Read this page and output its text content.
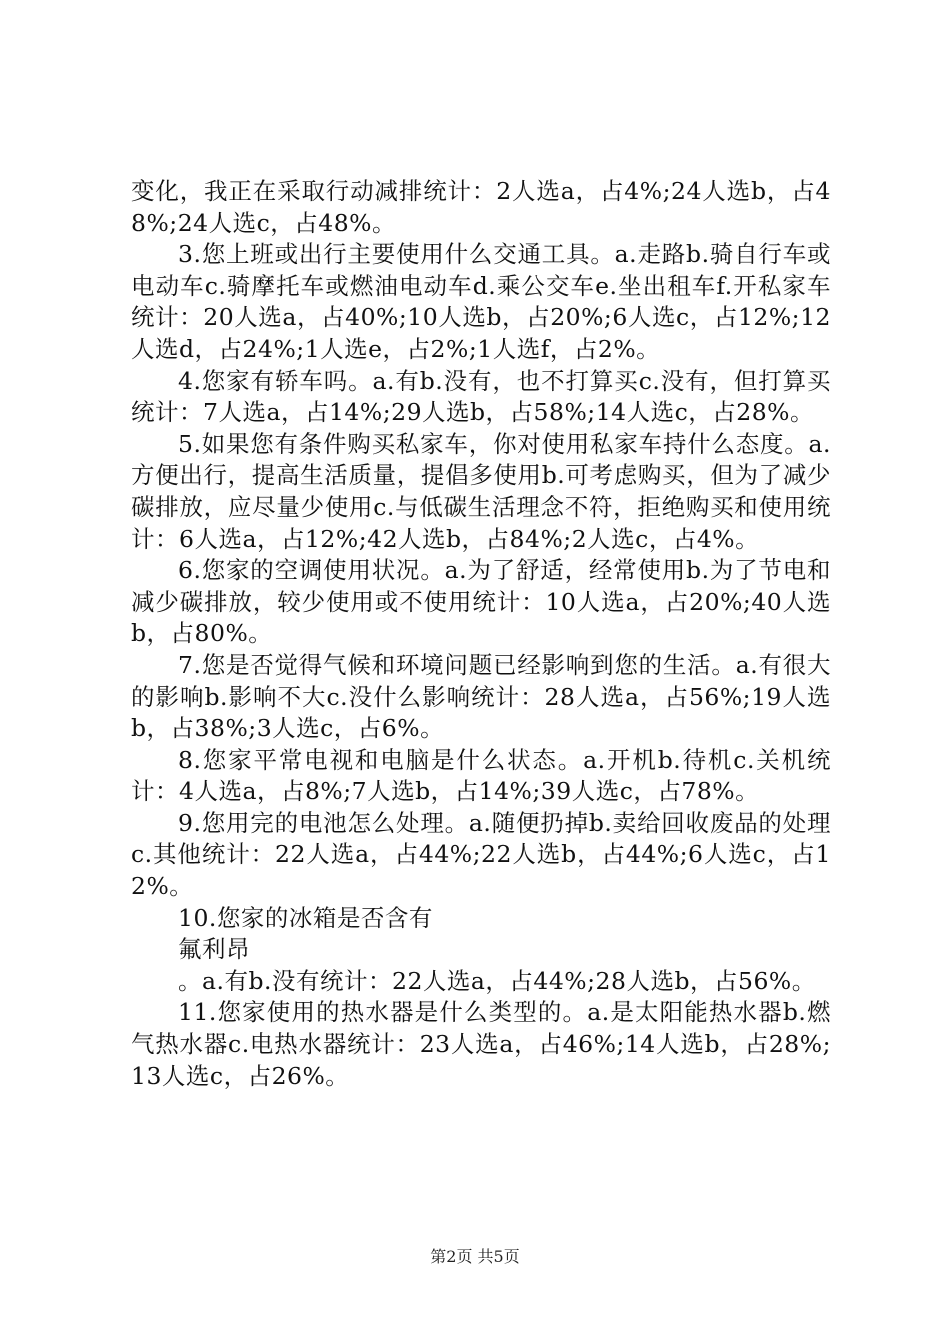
变化，我正在采取行动减排统计：2人选a，占4%;24人选b，占48%;24人选c，占48%。

3.您上班或出行主要使用什么交通工具。a.走路b.骑自行车或电动车c.骑摩托车或燃油电动车d.乘公交车e.坐出租车f.开私家车统计：20人选a，占40%;10人选b，占20%;6人选c，占12%;12人选d，占24%;1人选e，占2%;1人选f，占2%。

4.您家有轿车吗。a.有b.没有，也不打算买c.没有，但打算买统计：7人选a，占14%;29人选b，占58%;14人选c，占28%。

5.如果您有条件购买私家车，你对使用私家车持什么态度。a.方便出行，提高生活质量，提倡多使用b.可考虑购买，但为了减少碳排放，应尽量少使用c.与低碳生活理念不符，拒绝购买和使用统计：6人选a，占12%;42人选b，占84%;2人选c，占4%。

6.您家的空调使用状况。a.为了舒适，经常使用b.为了节电和减少碳排放，较少使用或不使用统计：10人选a，占20%;40人选b，占80%。

7.您是否觉得气候和环境问题已经影响到您的生活。a.有很大的影响b.影响不大c.没什么影响统计：28人选a，占56%;19人选b，占38%;3人选c，占6%。

8.您家平常电视和电脑是什么状态。a.开机b.待机c.关机统计：4人选a，占8%;7人选b，占14%;39人选c，占78%。

9.您用完的电池怎么处理。a.随便扔掉b.卖给回收废品的处理c.其他统计：22人选a，占44%;22人选b，占44%;6人选c，占12%。

10.您家的冰箱是否含有

氟利昂

。a.有b.没有统计：22人选a，占44%;28人选b，占56%。

11.您家使用的热水器是什么类型的。a.是太阳能热水器b.燃气热水器c.电热水器统计：23人选a，占46%;14人选b，占28%;13人选c，占26%。

第2页 共5页
